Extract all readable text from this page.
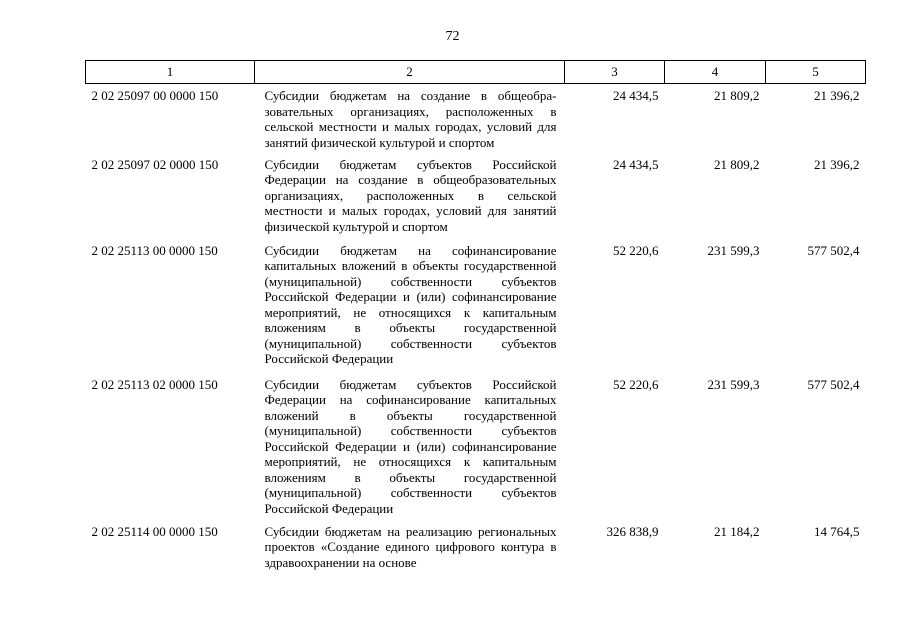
72
1	2	3	4	5
2 02 25097 00 0000 150	Субсидии бюджетам на создание в общеобразовательных организациях, расположенных в сельской местности и малых городах, условий для занятий физической культурой и спортом	24 434,5	21 809,2	21 396,2
2 02 25097 02 0000 150	Субсидии бюджетам субъектов Российской Федерации на создание в общеобразовательных организациях, расположенных в сельской местности и малых городах, условий для занятий физической культурой и спортом	24 434,5	21 809,2	21 396,2
2 02 25113 00 0000 150	Субсидии бюджетам на софинансирование капитальных вложений в объекты государственной (муниципальной) собственности субъектов Российской Федерации и (или) софинансирование мероприятий, не относящихся к капитальным вложениям в объекты государственной (муниципальной) собственности субъектов Российской Федерации	52 220,6	231 599,3	577 502,4
2 02 25113 02 0000 150	Субсидии бюджетам субъектов Российской Федерации на софинансирование капитальных вложений в объекты государственной (муниципальной) собственности субъектов Российской Федерации и (или) софинансирование мероприятий, не относящихся к капитальным вложениям в объекты государственной (муниципальной) собственности субъектов Российской Федерации	52 220,6	231 599,3	577 502,4
2 02 25114 00 0000 150	Субсидии бюджетам на реализацию региональных проектов «Создание единого цифрового контура в здравоохранении на основе	326 838,9	21 184,2	14 764,5
